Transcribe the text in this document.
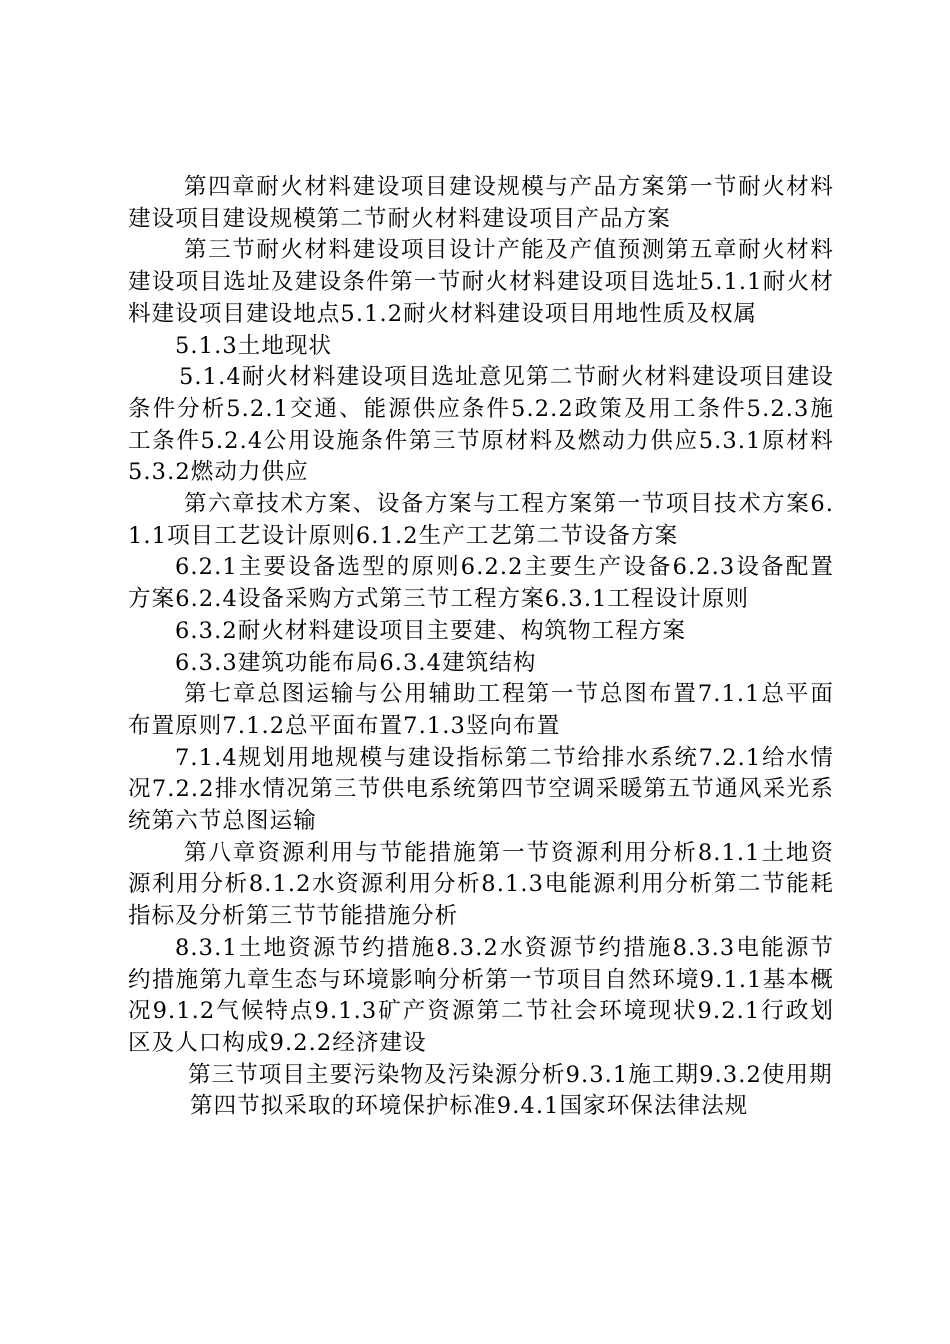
第四章耐火材料建设项目建设规模与产品方案第一节耐火材料建设项目建设规模第二节耐火材料建设项目产品方案

第三节耐火材料建设项目设计产能及产值预测第五章耐火材料建设项目选址及建设条件第一节耐火材料建设项目选址5.1.1耐火材料建设项目建设地点5.1.2耐火材料建设项目用地性质及权属

5.1.3土地现状

5.1.4耐火材料建设项目选址意见第二节耐火材料建设项目建设条件分析5.2.1交通、能源供应条件5.2.2政策及用工条件5.2.3施工条件5.2.4公用设施条件第三节原材料及燃动力供应5.3.1原材料5.3.2燃动力供应

第六章技术方案、设备方案与工程方案第一节项目技术方案6.1.1项目工艺设计原则6.1.2生产工艺第二节设备方案

6.2.1主要设备选型的原则6.2.2主要生产设备6.2.3设备配置方案6.2.4设备采购方式第三节工程方案6.3.1工程设计原则

6.3.2耐火材料建设项目主要建、构筑物工程方案

6.3.3建筑功能布局6.3.4建筑结构

第七章总图运输与公用辅助工程第一节总图布置7.1.1总平面布置原则7.1.2总平面布置7.1.3竖向布置

7.1.4规划用地规模与建设指标第二节给排水系统7.2.1给水情况7.2.2排水情况第三节供电系统第四节空调采暖第五节通风采光系统第六节总图运输

第八章资源利用与节能措施第一节资源利用分析8.1.1土地资源利用分析8.1.2水资源利用分析8.1.3电能源利用分析第二节能耗指标及分析第三节节能措施分析

8.3.1土地资源节约措施8.3.2水资源节约措施8.3.3电能源节约措施第九章生态与环境影响分析第一节项目自然环境9.1.1基本概况9.1.2气候特点9.1.3矿产资源第二节社会环境现状9.2.1行政划区及人口构成9.2.2经济建设

第三节项目主要污染物及污染源分析9.3.1施工期9.3.2使用期

第四节拟采取的环境保护标准9.4.1国家环保法律法规
